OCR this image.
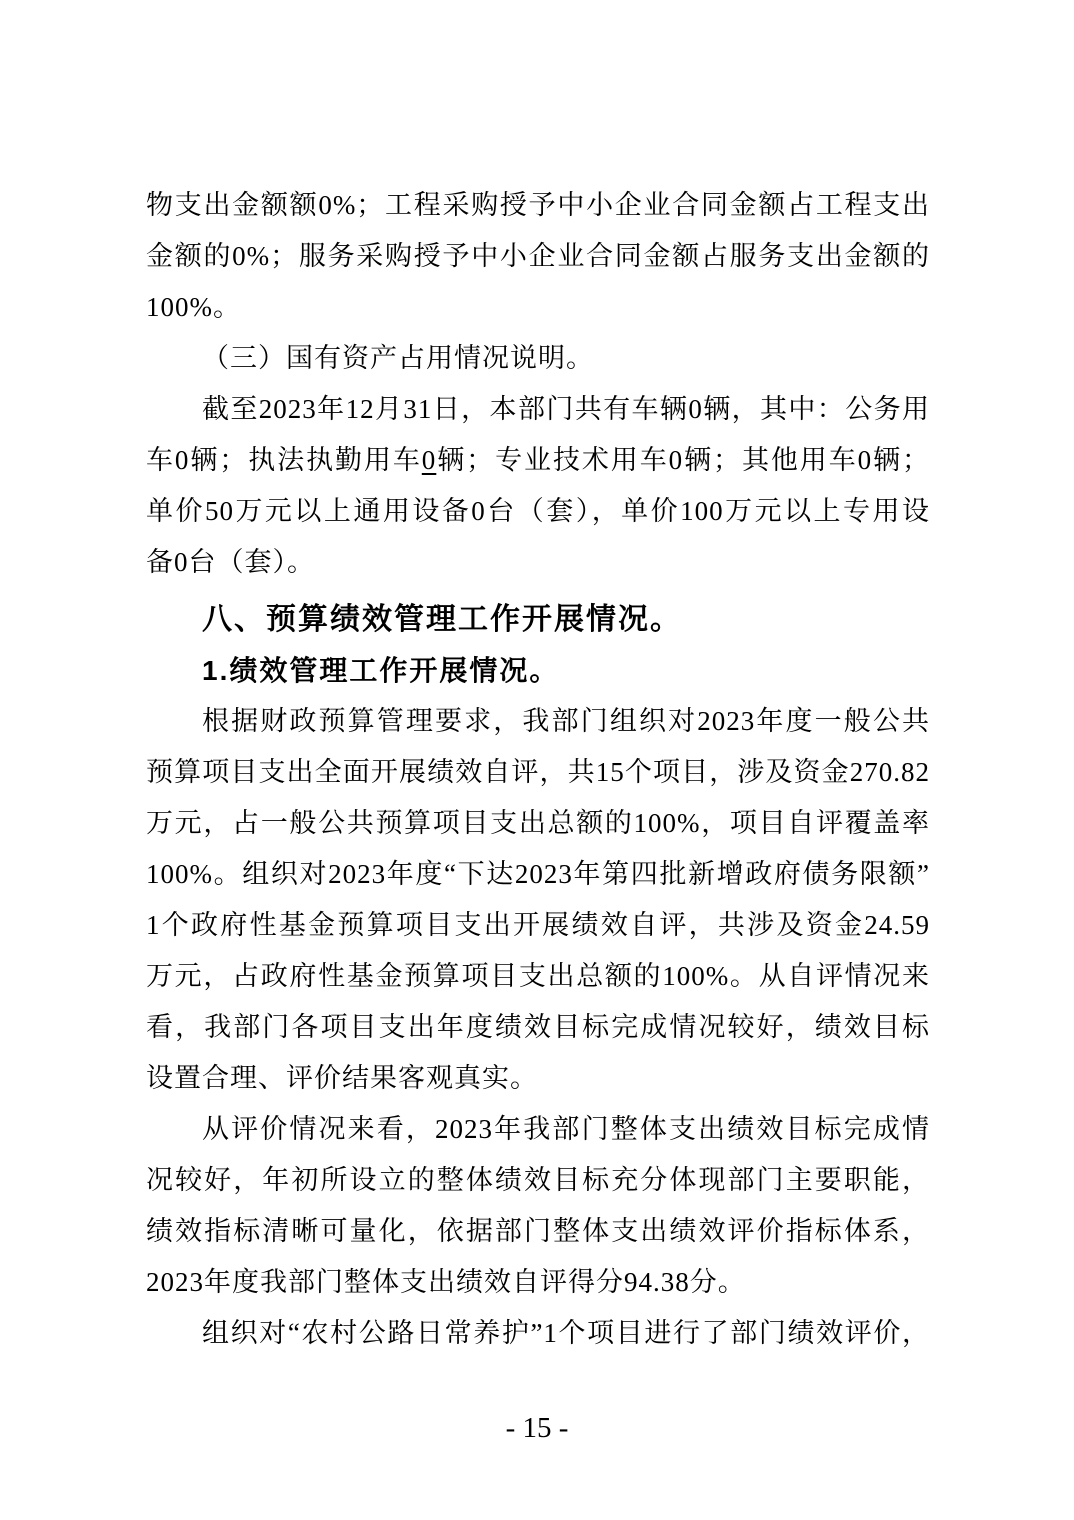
物支出金额额0%；工程采购授予中小企业合同金额占工程支出
金额的0%；服务采购授予中小企业合同金额占服务支出金额的
100%。
（三）国有资产占用情况说明。
截至2023年12月31日，本部门共有车辆0辆，其中：公务用
车0辆；执法执勤用车0辆；专业技术用车0辆；其他用车0辆；
单价50万元以上通用设备0台（套），单价100万元以上专用设
备0台（套）。
八、预算绩效管理工作开展情况。
1.绩效管理工作开展情况。
根据财政预算管理要求，我部门组织对2023年度一般公共
预算项目支出全面开展绩效自评，共15个项目，涉及资金270.82
万元，占一般公共预算项目支出总额的100%，项目自评覆盖率
100%。组织对2023年度“下达2023年第四批新增政府债务限额”
1个政府性基金预算项目支出开展绩效自评，共涉及资金24.59
万元，占政府性基金预算项目支出总额的100%。从自评情况来
看，我部门各项目支出年度绩效目标完成情况较好，绩效目标
设置合理、评价结果客观真实。
从评价情况来看，2023年我部门整体支出绩效目标完成情
况较好，年初所设立的整体绩效目标充分体现部门主要职能，
绩效指标清晰可量化，依据部门整体支出绩效评价指标体系，
2023年度我部门整体支出绩效自评得分94.38分。
组织对“农村公路日常养护”1个项目进行了部门绩效评价，
- 15 -
